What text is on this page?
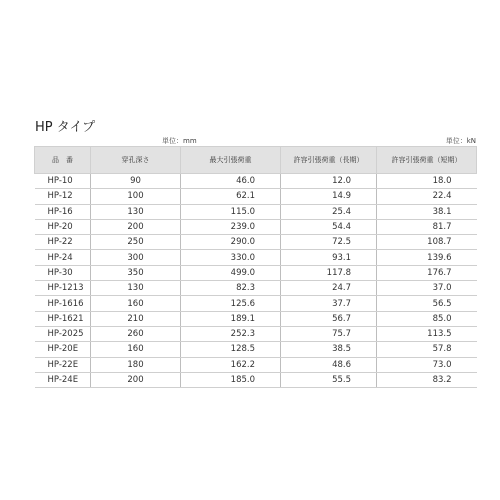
HP タイプ
単位：mm	単位：kN
品　番	穿孔深さ	最大引張荷重	許容引張荷重（長期）	許容引張荷重（短期）
HP-10	90	46.0	12.0	18.0
HP-12	100	62.1	14.9	22.4
HP-16	130	115.0	25.4	38.1
HP-20	200	239.0	54.4	81.7
HP-22	250	290.0	72.5	108.7
HP-24	300	330.0	93.1	139.6
HP-30	350	499.0	117.8	176.7
HP-1213	130	82.3	24.7	37.0
HP-1616	160	125.6	37.7	56.5
HP-1621	210	189.1	56.7	85.0
HP-2025	260	252.3	75.7	113.5
HP-20E	160	128.5	38.5	57.8
HP-22E	180	162.2	48.6	73.0
HP-24E	200	185.0	55.5	83.2
